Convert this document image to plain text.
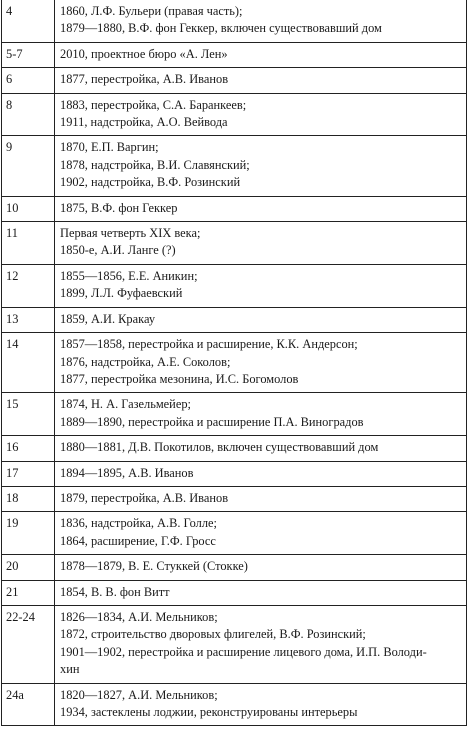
4	1860, Л.Ф. Бульери (правая часть);
1879—1880, В.Ф. фон Геккер, включен существовавший дом

5-7	2010, проектное бюро «А. Лен»

6	1877, перестройка, А.В. Иванов

8	1883, перестройка, С.А. Баранкеев;
1911, надстройка, А.О. Вейвода

9	1870, Е.П. Варгин;
1878, надстройка, В.И. Славянский;
1902, надстройка, В.Ф. Розинский

10	1875, В.Ф. фон Геккер

11	Первая четверть XIX века;
1850-е, А.И. Ланге (?)

12	1855—1856, Е.Е. Аникин;
1899, Л.Л. Фуфаевский

13	1859, А.И. Кракау

14	1857—1858, перестройка и расширение, К.К. Андерсон;
1876, надстройка, А.Е. Соколов;
1877, перестройка мезонина, И.С. Богомолов

15	1874, Н. А. Газельмейер;
1889—1890, перестройка и расширение П.А. Виноградов

16	1880—1881, Д.В. Покотилов, включен существовавший дом

17	1894—1895, А.В. Иванов

18	1879, перестройка, А.В. Иванов

19	1836, надстройка, А.В. Голле;
1864, расширение, Г.Ф. Гросс

20	1878—1879, В. Е. Стуккей (Стокке)

21	1854, В. В. фон Витт

22-24	1826—1834, А.И. Мельников;
1872, строительство дворовых флигелей, В.Ф. Розинский;
1901—1902, перестройка и расширение лицевого дома, И.П. Володи-
хин

24а	1820—1827, А.И. Мельников;
1934, застеклены лоджии, реконструированы интерьеры
